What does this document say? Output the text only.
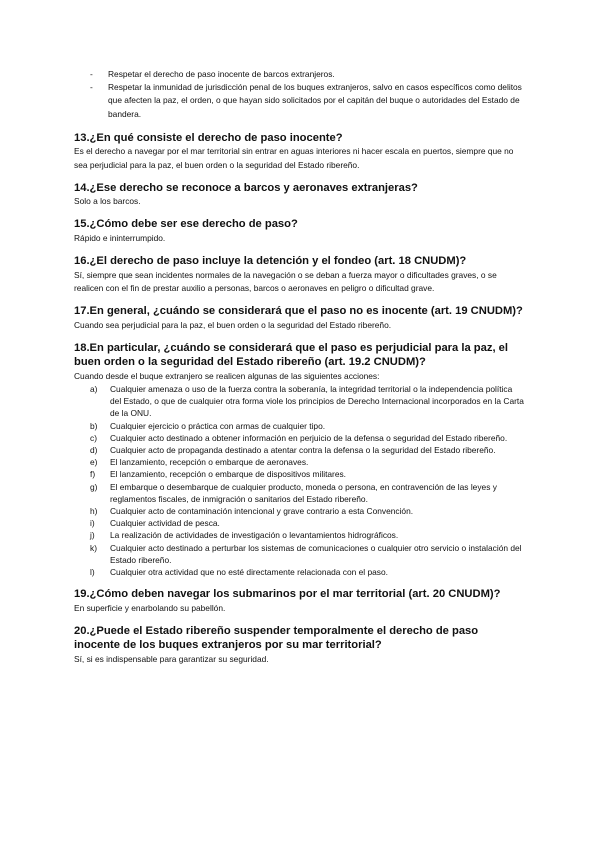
- Respetar el derecho de paso inocente de barcos extranjeros.
- Respetar la inmunidad de jurisdicción penal de los buques extranjeros, salvo en casos específicos como delitos que afecten la paz, el orden, o que hayan sido solicitados por el capitán del buque o autoridades del Estado de bandera.
13.¿En qué consiste el derecho de paso inocente?

Es el derecho a navegar por el mar territorial sin entrar en aguas interiores ni hacer escala en puertos, siempre que no sea perjudicial para la paz, el buen orden o la seguridad del Estado ribereño.

14.¿Ese derecho se reconoce a barcos y aeronaves extranjeras?

Solo a los barcos.

15.¿Cómo debe ser ese derecho de paso?

Rápido e ininterrumpido.

16.¿El derecho de paso incluye la detención y el fondeo (art. 18 CNUDM)?

Sí, siempre que sean incidentes normales de la navegación o se deban a fuerza mayor o dificultades graves, o se realicen con el fin de prestar auxilio a personas, barcos o aeronaves en peligro o dificultad grave.

17.En general, ¿cuándo se considerará que el paso no es inocente (art. 19 CNUDM)?

Cuando sea perjudicial para la paz, el buen orden o la seguridad del Estado ribereño.

18.En particular, ¿cuándo se considerará que el paso es perjudicial para la paz, el buen orden o la seguridad del Estado ribereño (art. 19.2 CNUDM)?

Cuando desde el buque extranjero se realicen algunas de las siguientes acciones:

a) Cualquier amenaza o uso de la fuerza contra la soberanía, la integridad territorial o la independencia política del Estado, o que de cualquier otra forma viole los principios de Derecho Internacional incorporados en la Carta de la ONU.
b) Cualquier ejercicio o práctica con armas de cualquier tipo.
c) Cualquier acto destinado a obtener información en perjuicio de la defensa o seguridad del Estado ribereño.
d) Cualquier acto de propaganda destinado a atentar contra la defensa o la seguridad del Estado ribereño.
e) El lanzamiento, recepción o embarque de aeronaves.
f) El lanzamiento, recepción o embarque de dispositivos militares.
g) El embarque o desembarque de cualquier producto, moneda o persona, en contravención de las leyes y reglamentos fiscales, de inmigración o sanitarios del Estado ribereño.
h) Cualquier acto de contaminación intencional y grave contrario a esta Convención.
i) Cualquier actividad de pesca.
j) La realización de actividades de investigación o levantamientos hidrográficos.
k) Cualquier acto destinado a perturbar los sistemas de comunicaciones o cualquier otro servicio o instalación del Estado ribereño.
l) Cualquier otra actividad que no esté directamente relacionada con el paso.
19.¿Cómo deben navegar los submarinos por el mar territorial (art. 20 CNUDM)?

En superficie y enarbolando su pabellón.

20.¿Puede el Estado ribereño suspender temporalmente el derecho de paso inocente de los buques extranjeros por su mar territorial?

Sí, si es indispensable para garantizar su seguridad.
